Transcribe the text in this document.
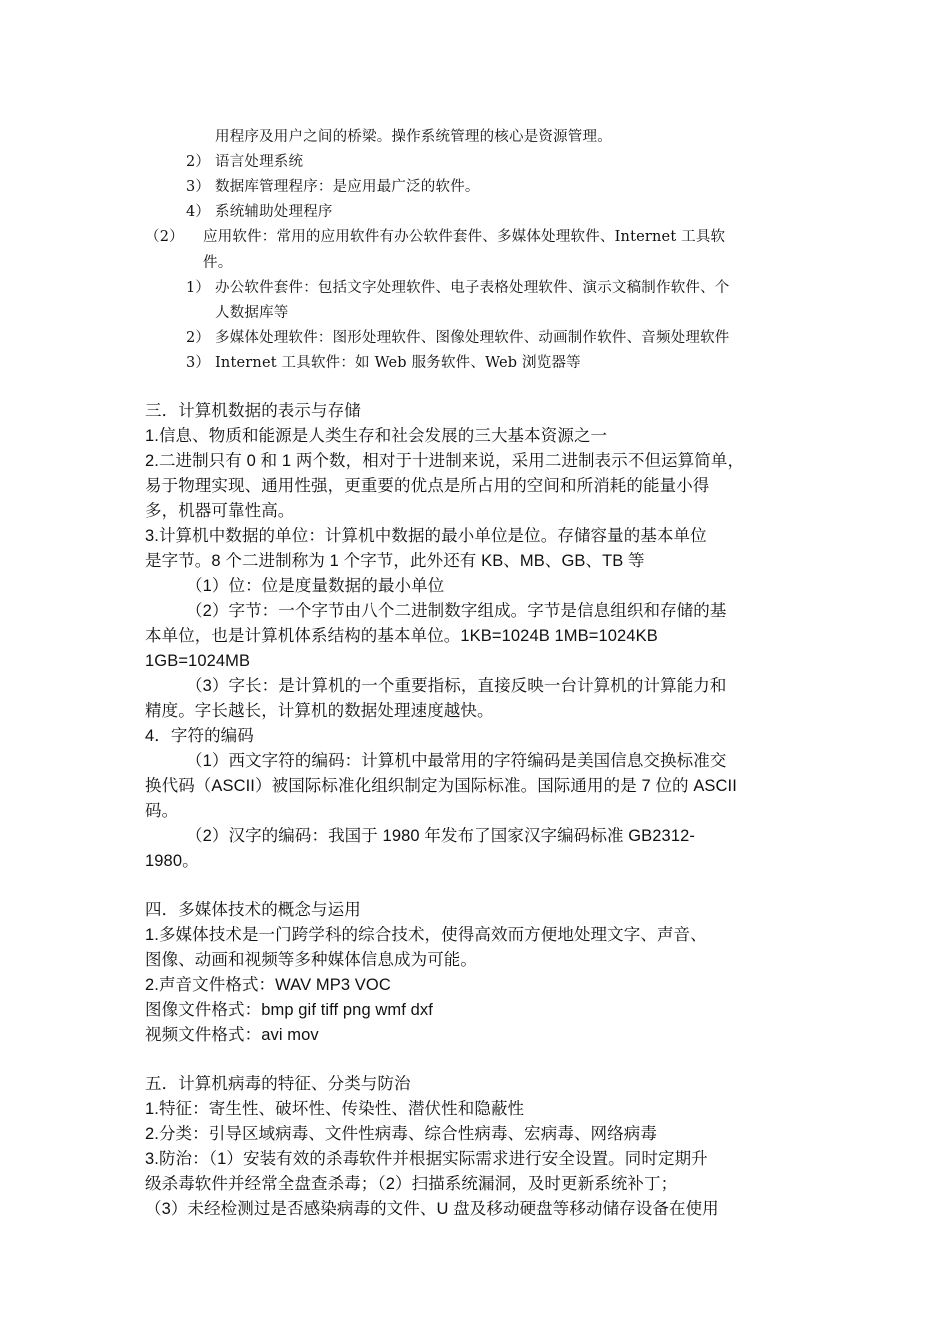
用程序及用户之间的桥梁。操作系统管理的核心是资源管理。
2） 语言处理系统
3） 数据库管理程序：是应用最广泛的软件。
4） 系统辅助处理程序
（2） 应用软件：常用的应用软件有办公软件套件、多媒体处理软件、Internet 工具软
件。
1） 办公软件套件：包括文字处理软件、电子表格处理软件、演示文稿制作软件、个
人数据库等
2） 多媒体处理软件：图形处理软件、图像处理软件、动画制作软件、音频处理软件
3） Internet 工具软件：如 Web 服务软件、Web 浏览器等
三．计算机数据的表示与存储
1.信息、物质和能源是人类生存和社会发展的三大基本资源之一
2.二进制只有 0 和 1 两个数，相对于十进制来说，采用二进制表示不但运算简单，
易于物理实现、通用性强，更重要的优点是所占用的空间和所消耗的能量小得
多，机器可靠性高。
3.计算机中数据的单位：计算机中数据的最小单位是位。存储容量的基本单位
是字节。8 个二进制称为 1 个字节，此外还有 KB、MB、GB、TB 等
（1）位：位是度量数据的最小单位
（2）字节：一个字节由八个二进制数字组成。字节是信息组织和存储的基
本单位，也是计算机体系结构的基本单位。1KB=1024B 1MB=1024KB
1GB=1024MB
（3）字长：是计算机的一个重要指标，直接反映一台计算机的计算能力和
精度。字长越长，计算机的数据处理速度越快。
4．字符的编码
（1）西文字符的编码：计算机中最常用的字符编码是美国信息交换标准交
换代码（ASCII）被国际标准化组织制定为国际标准。国际通用的是 7 位的 ASCII
码。
（2）汉字的编码：我国于 1980 年发布了国家汉字编码标准 GB2312-
1980。
四．多媒体技术的概念与运用
1.多媒体技术是一门跨学科的综合技术，使得高效而方便地处理文字、声音、
图像、动画和视频等多种媒体信息成为可能。
2.声音文件格式：WAV MP3 VOC
图像文件格式：bmp gif tiff png wmf dxf
视频文件格式：avi mov
五．计算机病毒的特征、分类与防治
1.特征：寄生性、破坏性、传染性、潜伏性和隐蔽性
2.分类：引导区域病毒、文件性病毒、综合性病毒、宏病毒、网络病毒
3.防治：（1）安装有效的杀毒软件并根据实际需求进行安全设置。同时定期升
级杀毒软件并经常全盘查杀毒；（2）扫描系统漏洞，及时更新系统补丁；
（3）未经检测过是否感染病毒的文件、U 盘及移动硬盘等移动储存设备在使用
